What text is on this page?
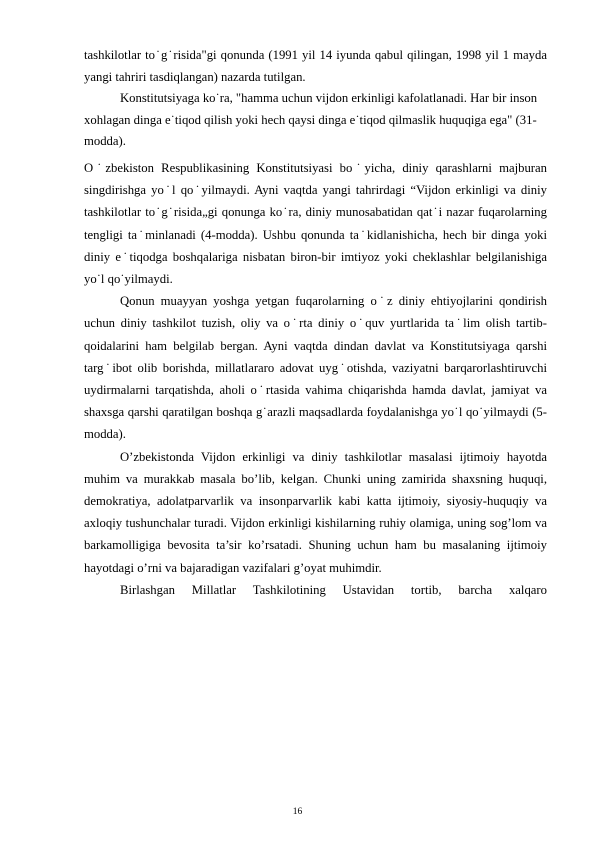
tashkilotlar to˙g˙risida"gi qonunda (1991 yil 14 iyunda qabul qilingan, 1998 yil 1 mayda yangi tahriri tasdiqlangan) nazarda tutilgan.

Konstitutsiyaga ko˙ra, "hamma uchun vijdon erkinligi kafolatlanadi. Har bir inson xohlagan dinga e˙tiqod qilish yoki hech qaysi dinga e˙tiqod qilmaslik huquqiga ega" (31-modda).

O˙zbekiston Respublikasining Konstitutsiyasi bo˙yicha, diniy qarashlarni majburan singdirishga yo˙l qo˙yilmaydi. Ayni vaqtda yangi tahrirdagi “Vijdon erkinligi va diniy tashkilotlar to˙g˙risida„gi qonunga ko˙ra, diniy munosabatidan qat˙i nazar fuqarolarning tengligi ta˙minlanadi (4-modda). Ushbu qonunda ta˙kidlanishicha, hech bir dinga yoki diniy e˙tiqodga boshqalariga nisbatan biron-bir imtiyoz yoki cheklashlar belgilanishiga yo˙l qo˙yilmaydi.

Qonun muayyan yoshga yetgan fuqarolarning o˙z diniy ehtiyojlarini qondirish uchun diniy tashkilot tuzish, oliy va o˙rta diniy o˙quv yurtlarida ta˙lim olish tartib-qoidalarini ham belgilab bergan. Ayni vaqtda dindan davlat va Konstitutsiyaga qarshi targ˙ibot olib borishda, millatlararo adovat uyg˙otishda, vaziyatni barqarorlashtiruvchi uydirmalarni tarqatishda, aholi o˙rtasida vahima chiqarishda hamda davlat, jamiyat va shaxsga qarshi qaratilgan boshqa g˙arazli maqsadlarda foydalanishga yo˙l qo˙yilmaydi (5-modda).

O’zbekistonda Vijdon erkinligi va diniy tashkilotlar masalasi ijtimoiy hayotda muhim va murakkab masala bo’lib, kelgan. Chunki uning zamirida shaxsning huquqi, demokratiya, adolatparvarlik va insonparvarlik kabi katta ijtimoiy, siyosiy-huquqiy va axloqiy tushunchalar turadi. Vijdon erkinligi kishilarning ruhiy olamiga, uning sog’lom va barkamolligiga bevosita ta’sir ko’rsatadi. Shuning uchun ham bu masalaning ijtimoiy hayotdagi o’rni va bajaradigan vazifalari g’oyat muhimdir.

Birlashgan Millatlar Tashkilotining Ustavidan tortib, barcha xalqaro

16
